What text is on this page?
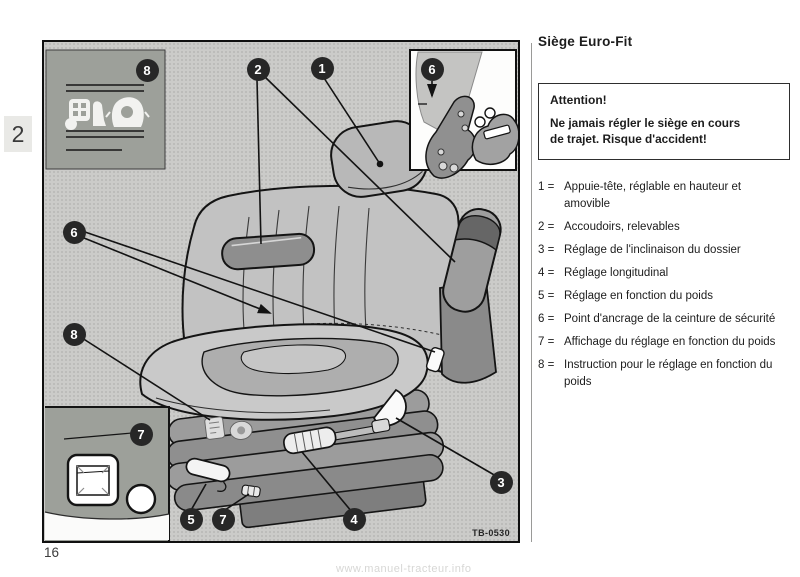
2
8	2	1	6
6
8
7
5	7	4
3
TB-0530
Siège Euro-Fit
Attention!
Ne jamais régler le siège en cours de trajet. Risque d'accident!
1 = Appuie-tête, réglable en hauteur et amovible
2 = Accoudoirs, relevables
3 = Réglage de l'inclinaison du dossier
4 = Réglage longitudinal
5 = Réglage en fonction du poids
6 = Point d'ancrage de la ceinture de sécurité
7 = Affichage du réglage en fonction du poids
8 = Instruction pour le réglage en fonction du poids
16
www.manuel-tracteur.info
